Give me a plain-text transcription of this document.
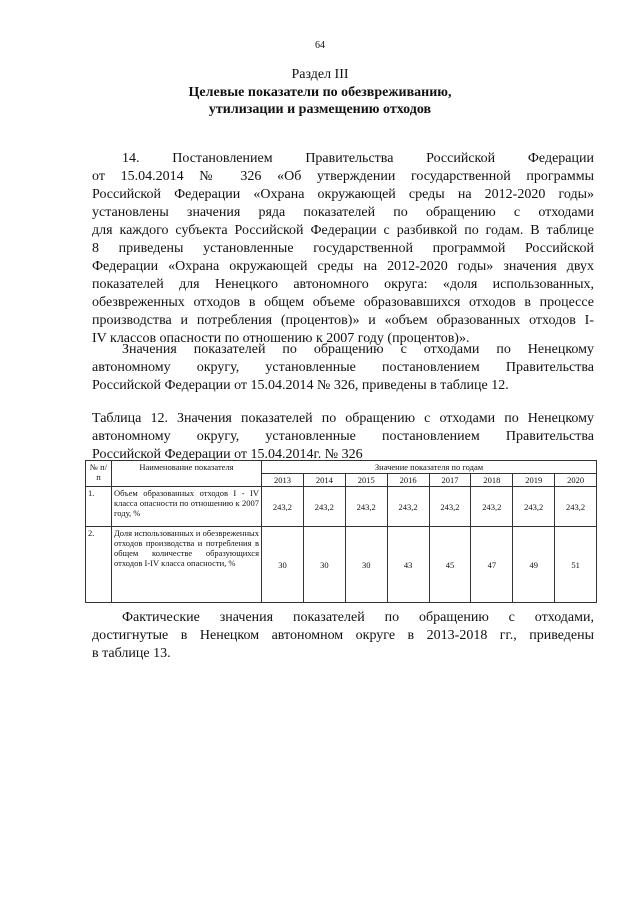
64
Раздел III
Целевые показатели по обезвреживанию,
утилизации и размещению отходов
14. Постановлением Правительства Российской Федерации
от 15.04.2014 № 326 «Об утверждении государственной программы
Российской Федерации «Охрана окружающей среды на 2012-2020 годы»
установлены значения ряда показателей по обращению с отходами
для каждого субъекта Российской Федерации с разбивкой по годам. В таблице
8 приведены установленные государственной программой Российской
Федерации «Охрана окружающей среды на 2012-2020 годы» значения двух
показателей для Ненецкого автономного округа: «доля использованных,
обезвреженных отходов в общем объеме образовавшихся отходов в процессе
производства и потребления (процентов)» и «объем образованных отходов I-
IV классов опасности по отношению к 2007 году (процентов)».
Значения показателей по обращению с отходами по Ненецкому
автономному округу, установленные постановлением Правительства
Российской Федерации от 15.04.2014 № 326, приведены в таблице 12.
Таблица 12. Значения показателей по обращению с отходами по Ненецкому
автономному округу, установленные постановлением Правительства
Российской Федерации от 15.04.2014г. № 326
№ п/п	Наименование показателя	Значение показателя по годам							
		2013	2014	2015	2016	2017	2018	2019	2020
1.	Объем образованных отходов I - IV класса опасности по отношению к 2007 году, %	243,2	243,2	243,2	243,2	243,2	243,2	243,2	243,2
2.	Доля использованных и обезвреженных отходов производства и потребления в общем количестве образующихся отходов I-IV класса опасности, %	30	30	30	43	45	47	49	51
Фактические значения показателей по обращению с отходами,
достигнутые в Ненецком автономном округе в 2013-2018 гг., приведены
в таблице 13.
